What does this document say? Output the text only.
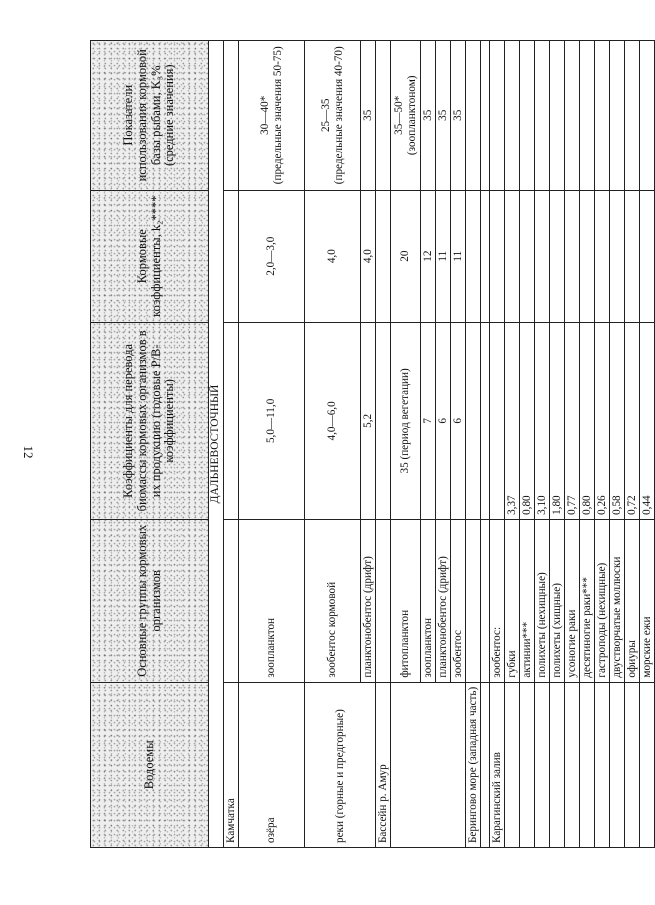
12
Водоемы	Основные группы кормовых организмов	Коэффициенты для перевода биомассы кормовых организмов в их продукцию (годовые P/B-коэффициенты)	Кормовые коэффициенты, k₂****	Показатели использования кормовой базы рыбами, K₃% (средние значения)
ДАЛЬНЕВОСТОЧНЫЙ				
Камчатка				
озёра	зоопланктон	5,0—11,0	2,0—3,0	30—40* (предельные значения 50-75)

реки (горные и предгорные)	зообентос кормовой	4,0—6,0	4,0	25—35 (предельные значения 40-70)

	планктонобентос (дрифт)	5,2	4,0	35
Бассейн р. Амур				
	фитопланктон	35 (период вегетации)	20	35—50* (зоопланктоном)

	зоопланктон	7	12	35
	планктонобентос (дрифт)	6	11	35
	зообентос	6	11	35
Берингово море (западная часть)				

Карагинский залив	зообентос:			
	губки	3,37		
	актинии***	0,80		
	полихеты (нехищные)	3,10		
	полихеты (хищные)	1,80		
	усоногие раки	0,77		
	десятиногие раки***	0,80		
	гастроподы (нехищные)	0,26		
	двустворчатые моллюски	0,58		
	офиуры	0,72		
	морские ежи	0,44		
